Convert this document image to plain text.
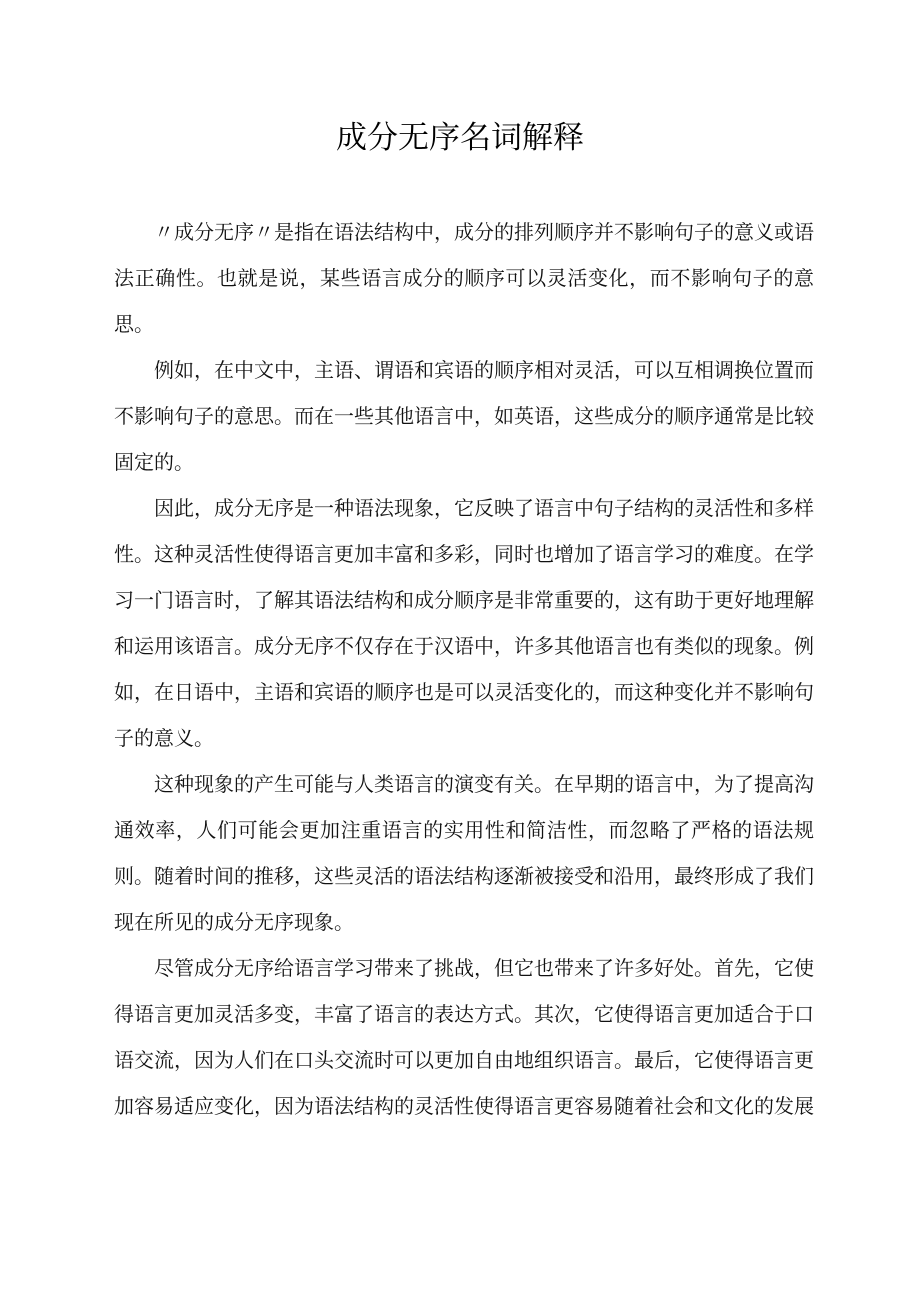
成分无序名词解释

〃成分无序〃是指在语法结构中，成分的排列顺序并不影响句子的意义或语法正确性。也就是说，某些语言成分的顺序可以灵活变化，而不影响句子的意思。

例如，在中文中，主语、谓语和宾语的顺序相对灵活，可以互相调换位置而不影响句子的意思。而在一些其他语言中，如英语，这些成分的顺序通常是比较固定的。

因此，成分无序是一种语法现象，它反映了语言中句子结构的灵活性和多样性。这种灵活性使得语言更加丰富和多彩，同时也增加了语言学习的难度。在学习一门语言时，了解其语法结构和成分顺序是非常重要的，这有助于更好地理解和运用该语言。成分无序不仅存在于汉语中，许多其他语言也有类似的现象。例如，在日语中，主语和宾语的顺序也是可以灵活变化的，而这种变化并不影响句子的意义。

这种现象的产生可能与人类语言的演变有关。在早期的语言中，为了提高沟通效率，人们可能会更加注重语言的实用性和简洁性，而忽略了严格的语法规则。随着时间的推移，这些灵活的语法结构逐渐被接受和沿用，最终形成了我们现在所见的成分无序现象。

尽管成分无序给语言学习带来了挑战，但它也带来了许多好处。首先，它使得语言更加灵活多变，丰富了语言的表达方式。其次，它使得语言更加适合于口语交流，因为人们在口头交流时可以更加自由地组织语言。最后，它使得语言更加容易适应变化，因为语法结构的灵活性使得语言更容易随着社会和文化的发展
